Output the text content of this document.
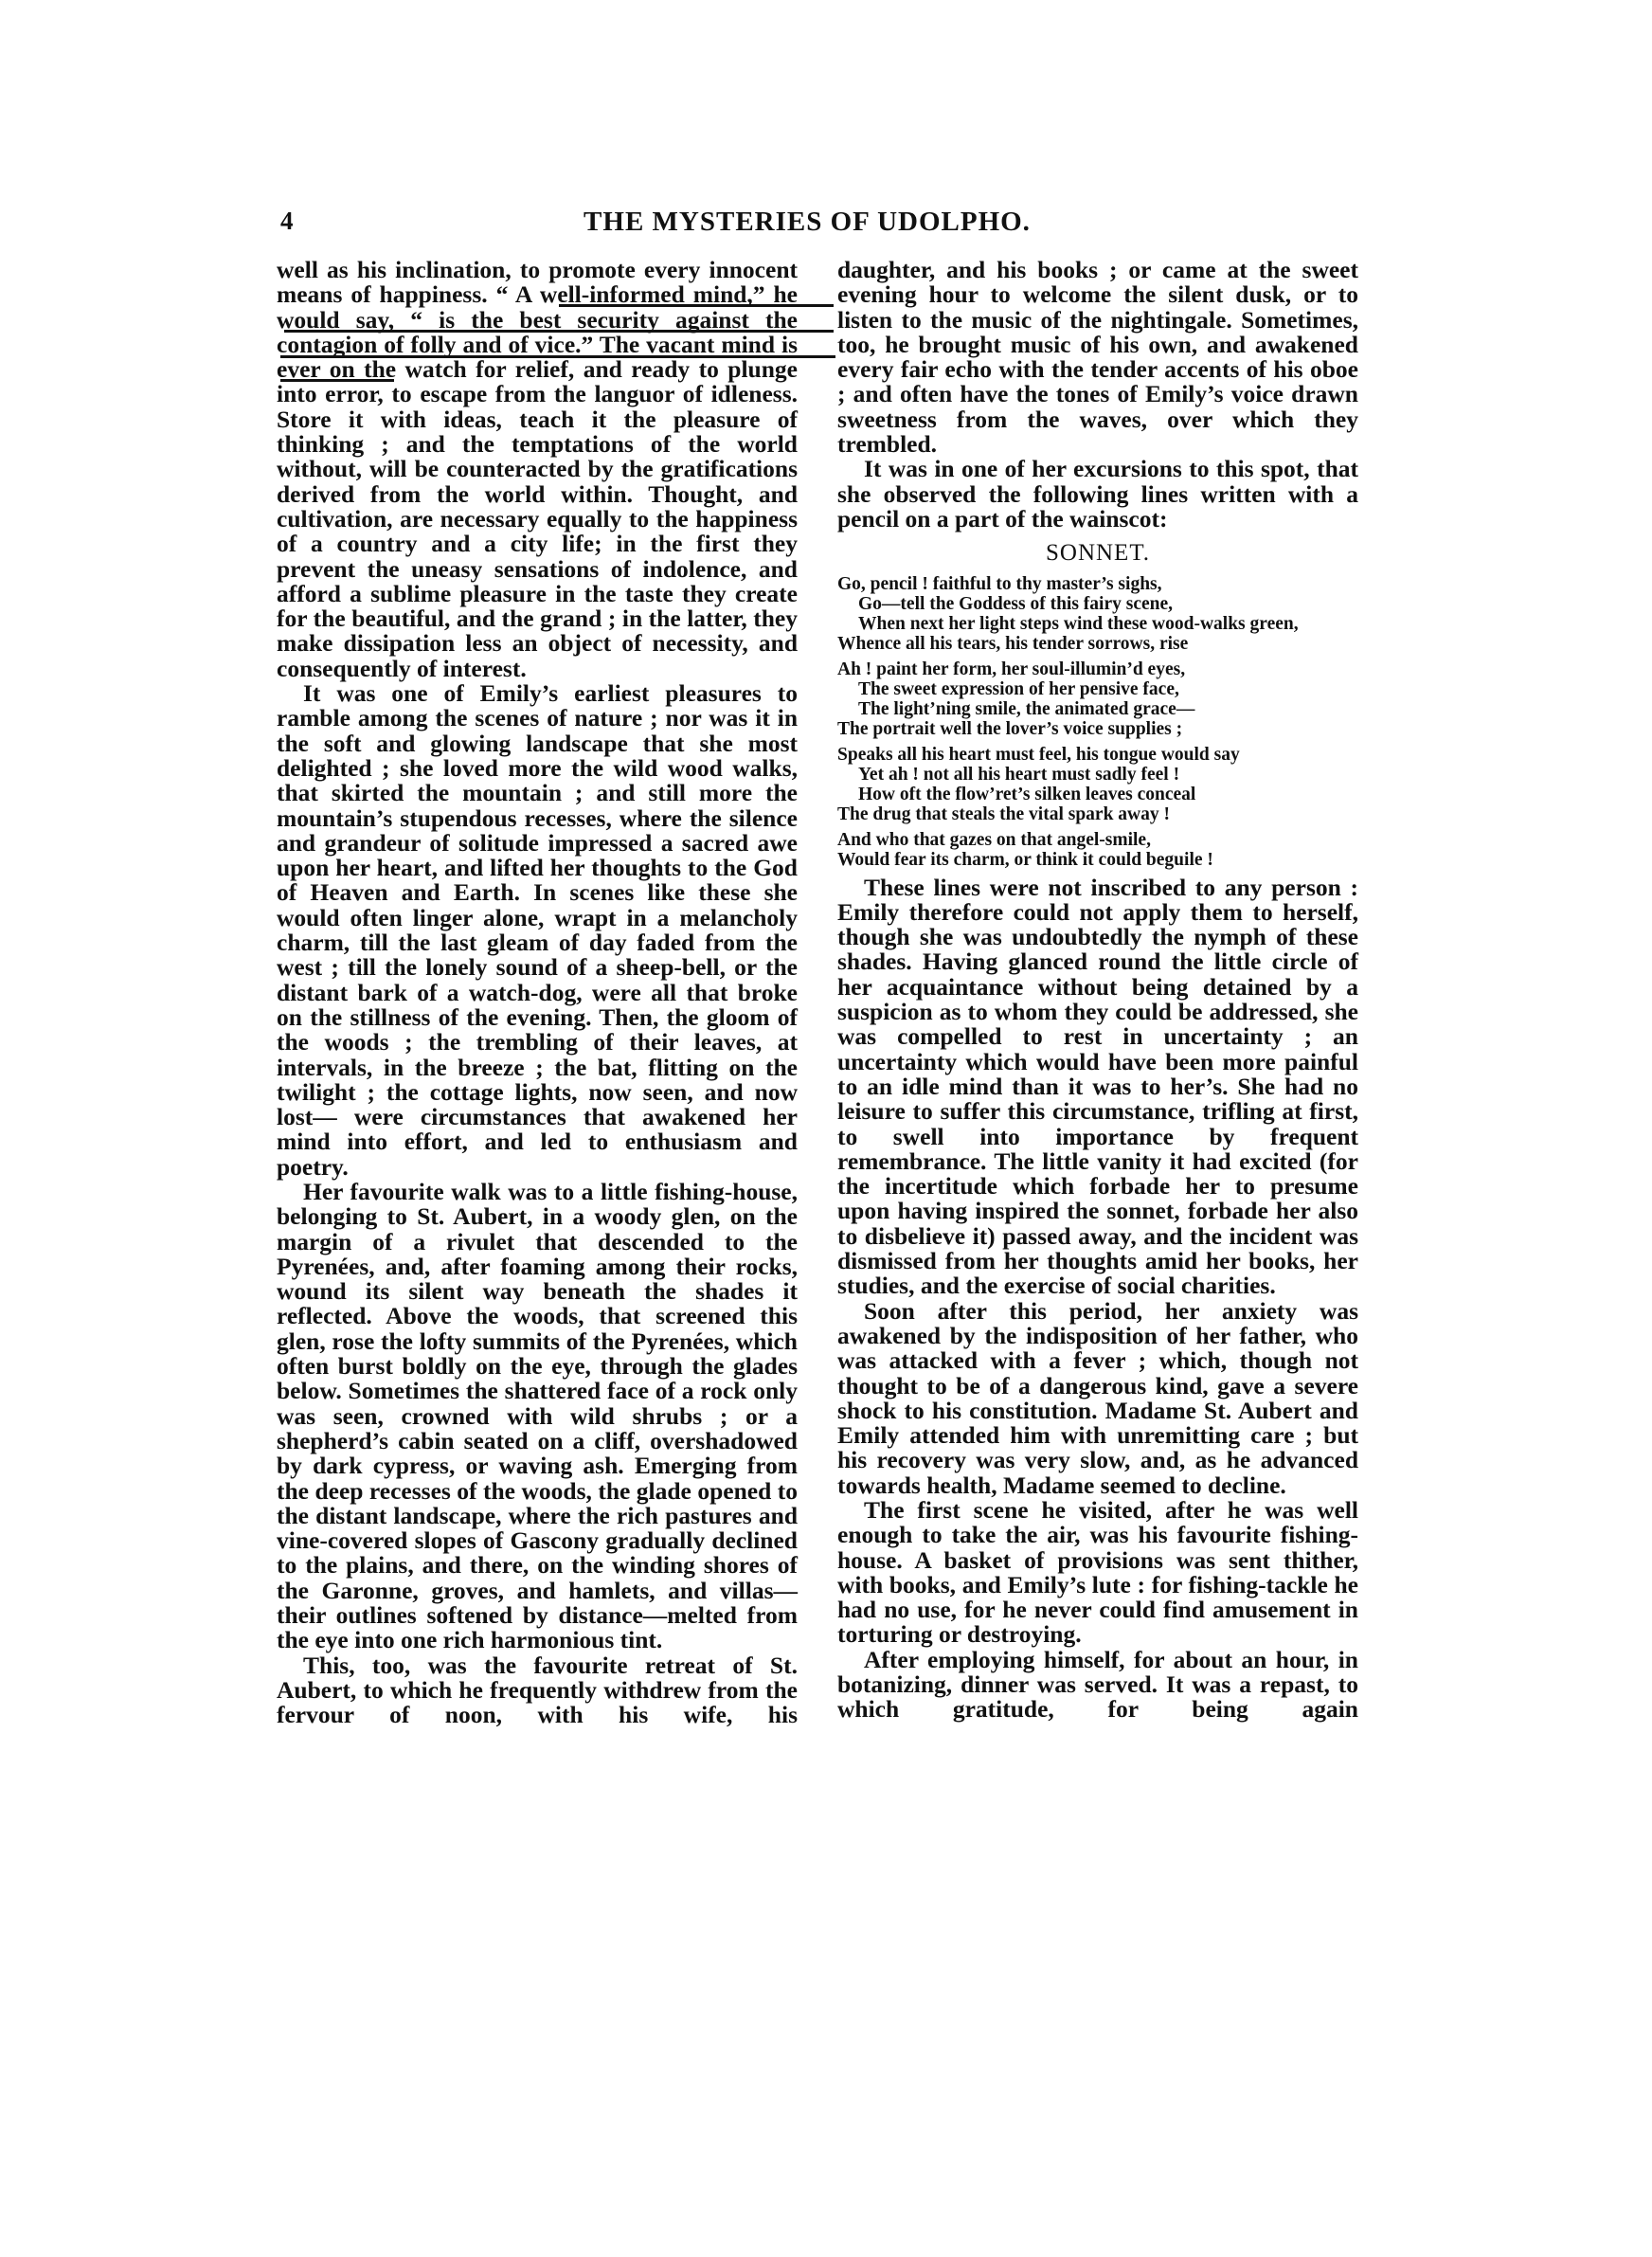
4	THE MYSTERIES OF UDOLPHO.

well as his inclination, to promote every innocent means of happiness. “ A well-informed mind,” he would say, “ is the best security against the contagion of folly and of vice.” The vacant mind is ever on the watch for relief, and ready to plunge into error, to escape from the languor of idleness. Store it with ideas, teach it the pleasure of thinking ; and the temptations of the world without, will be counteracted by the gratifications derived from the world within. Thought, and cultivation, are necessary equally to the happiness of a country and a city life; in the first they prevent the uneasy sensations of indolence, and afford a sublime pleasure in the taste they create for the beautiful, and the grand ; in the latter, they make dissipation less an object of necessity, and consequently of interest.

It was one of Emily’s earliest pleasures to ramble among the scenes of nature ; nor was it in the soft and glowing landscape that she most delighted ; she loved more the wild wood walks, that skirted the mountain ; and still more the mountain’s stupendous recesses, where the silence and grandeur of solitude impressed a sacred awe upon her heart, and lifted her thoughts to the God of Heaven and Earth. In scenes like these she would often linger alone, wrapt in a melancholy charm, till the last gleam of day faded from the west ; till the lonely sound of a sheep-bell, or the distant bark of a watch-dog, were all that broke on the stillness of the evening. Then, the gloom of the woods ; the trembling of their leaves, at intervals, in the breeze ; the bat, flitting on the twilight ; the cottage lights, now seen, and now lost— were circumstances that awakened her mind into effort, and led to enthusiasm and poetry.

Her favourite walk was to a little fishing-house, belonging to St. Aubert, in a woody glen, on the margin of a rivulet that descended to the Pyrenées, and, after foaming among their rocks, wound its silent way beneath the shades it reflected. Above the woods, that screened this glen, rose the lofty summits of the Pyrenées, which often burst boldly on the eye, through the glades below. Sometimes the shattered face of a rock only was seen, crowned with wild shrubs ; or a shepherd’s cabin seated on a cliff, overshadowed by dark cypress, or waving ash. Emerging from the deep recesses of the woods, the glade opened to the distant landscape, where the rich pastures and vine-covered slopes of Gascony gradually declined to the plains, and there, on the winding shores of the Garonne, groves, and hamlets, and villas—their outlines softened by distance—melted from the eye into one rich harmonious tint.

This, too, was the favourite retreat of St. Aubert, to which he frequently withdrew from the fervour of noon, with his wife, his

daughter, and his books ; or came at the sweet evening hour to welcome the silent dusk, or to listen to the music of the nightingale. Sometimes, too, he brought music of his own, and awakened every fair echo with the tender accents of his oboe ; and often have the tones of Emily’s voice drawn sweetness from the waves, over which they trembled.

It was in one of her excursions to this spot, that she observed the following lines written with a pencil on a part of the wainscot:

SONNET.
Go, pencil ! faithful to thy master’s sighs,
Go—tell the Goddess of this fairy scene,
When next her light steps wind these wood-walks green,
Whence all his tears, his tender sorrows, rise
Ah ! paint her form, her soul-illumin’d eyes,
The sweet expression of her pensive face,
The light’ning smile, the animated grace—
The portrait well the lover’s voice supplies ;
Speaks all his heart must feel, his tongue would say
Yet ah ! not all his heart must sadly feel !
How oft the flow’ret’s silken leaves conceal
The drug that steals the vital spark away !
And who that gazes on that angel-smile,
Would fear its charm, or think it could beguile !

These lines were not inscribed to any person : Emily therefore could not apply them to herself, though she was undoubtedly the nymph of these shades. Having glanced round the little circle of her acquaintance without being detained by a suspicion as to whom they could be addressed, she was compelled to rest in uncertainty ; an uncertainty which would have been more painful to an idle mind than it was to her’s. She had no leisure to suffer this circumstance, trifling at first, to swell into importance by frequent remembrance. The little vanity it had excited (for the incertitude which forbade her to presume upon having inspired the sonnet, forbade her also to disbelieve it) passed away, and the incident was dismissed from her thoughts amid her books, her studies, and the exercise of social charities.

Soon after this period, her anxiety was awakened by the indisposition of her father, who was attacked with a fever ; which, though not thought to be of a dangerous kind, gave a severe shock to his constitution. Madame St. Aubert and Emily attended him with unremitting care ; but his recovery was very slow, and, as he advanced towards health, Madame seemed to decline.

The first scene he visited, after he was well enough to take the air, was his favourite fishing-house. A basket of provisions was sent thither, with books, and Emily’s lute : for fishing-tackle he had no use, for he never could find amusement in torturing or destroying.

After employing himself, for about an hour, in botanizing, dinner was served. It was a repast, to which gratitude, for being again
